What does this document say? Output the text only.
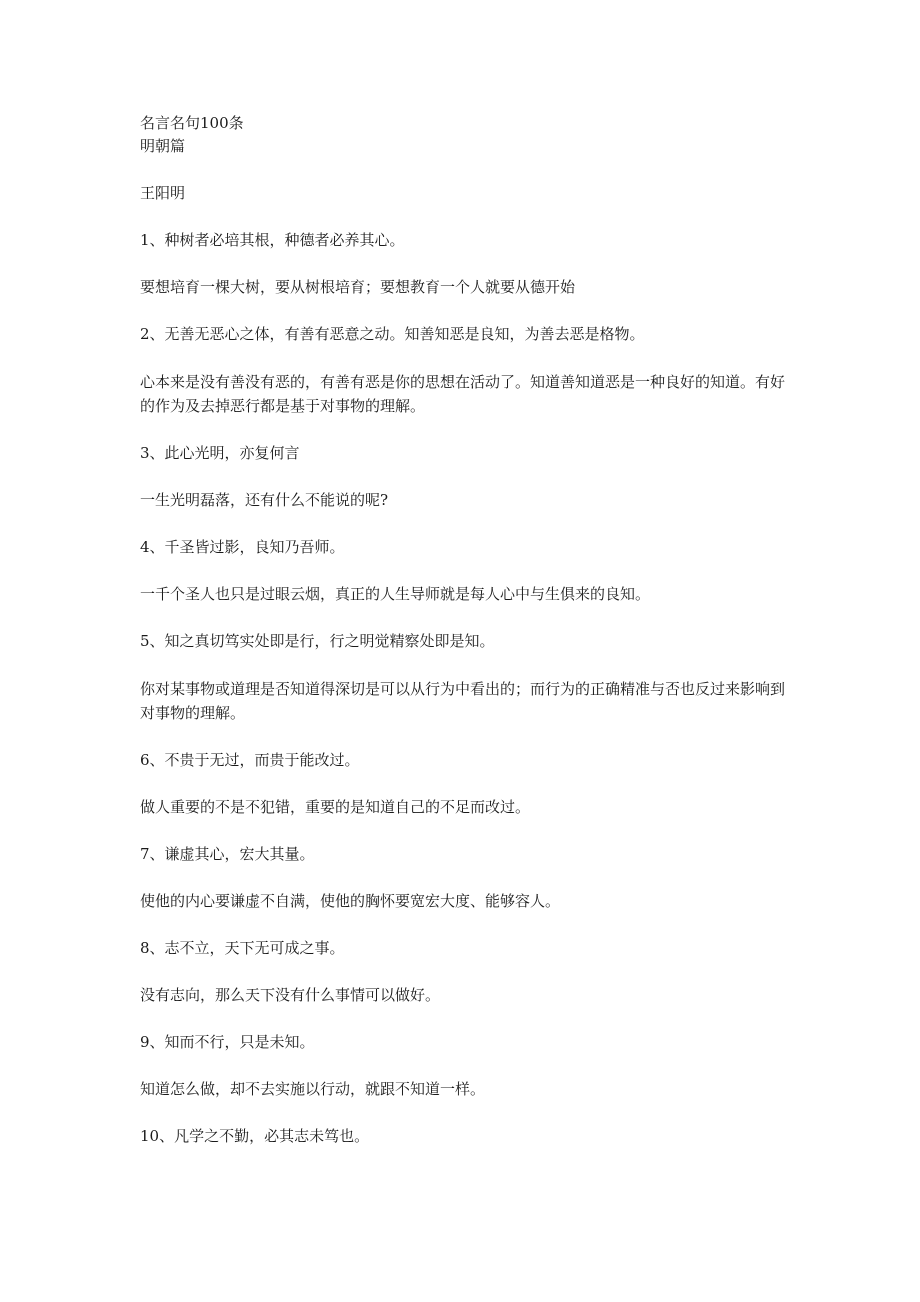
名言名句100条
明朝篇
王阳明
1、种树者必培其根，种德者必养其心。
要想培育一棵大树，要从树根培育；要想教育一个人就要从德开始
2、无善无恶心之体，有善有恶意之动。知善知恶是良知，为善去恶是格物。
心本来是没有善没有恶的，有善有恶是你的思想在活动了。知道善知道恶是一种良好的知道。有好的作为及去掉恶行都是基于对事物的理解。
3、此心光明，亦复何言
一生光明磊落，还有什么不能说的呢?
4、千圣皆过影，良知乃吾师。
一千个圣人也只是过眼云烟，真正的人生导师就是每人心中与生俱来的良知。
5、知之真切笃实处即是行，行之明觉精察处即是知。
你对某事物或道理是否知道得深切是可以从行为中看出的；而行为的正确精准与否也反过来影响到对事物的理解。
6、不贵于无过，而贵于能改过。
做人重要的不是不犯错，重要的是知道自己的不足而改过。
7、谦虚其心，宏大其量。
使他的内心要谦虚不自满，使他的胸怀要宽宏大度、能够容人。
8、志不立，天下无可成之事。
没有志向，那么天下没有什么事情可以做好。
9、知而不行，只是未知。
知道怎么做，却不去实施以行动，就跟不知道一样。
10、凡学之不勤，必其志未笃也。
